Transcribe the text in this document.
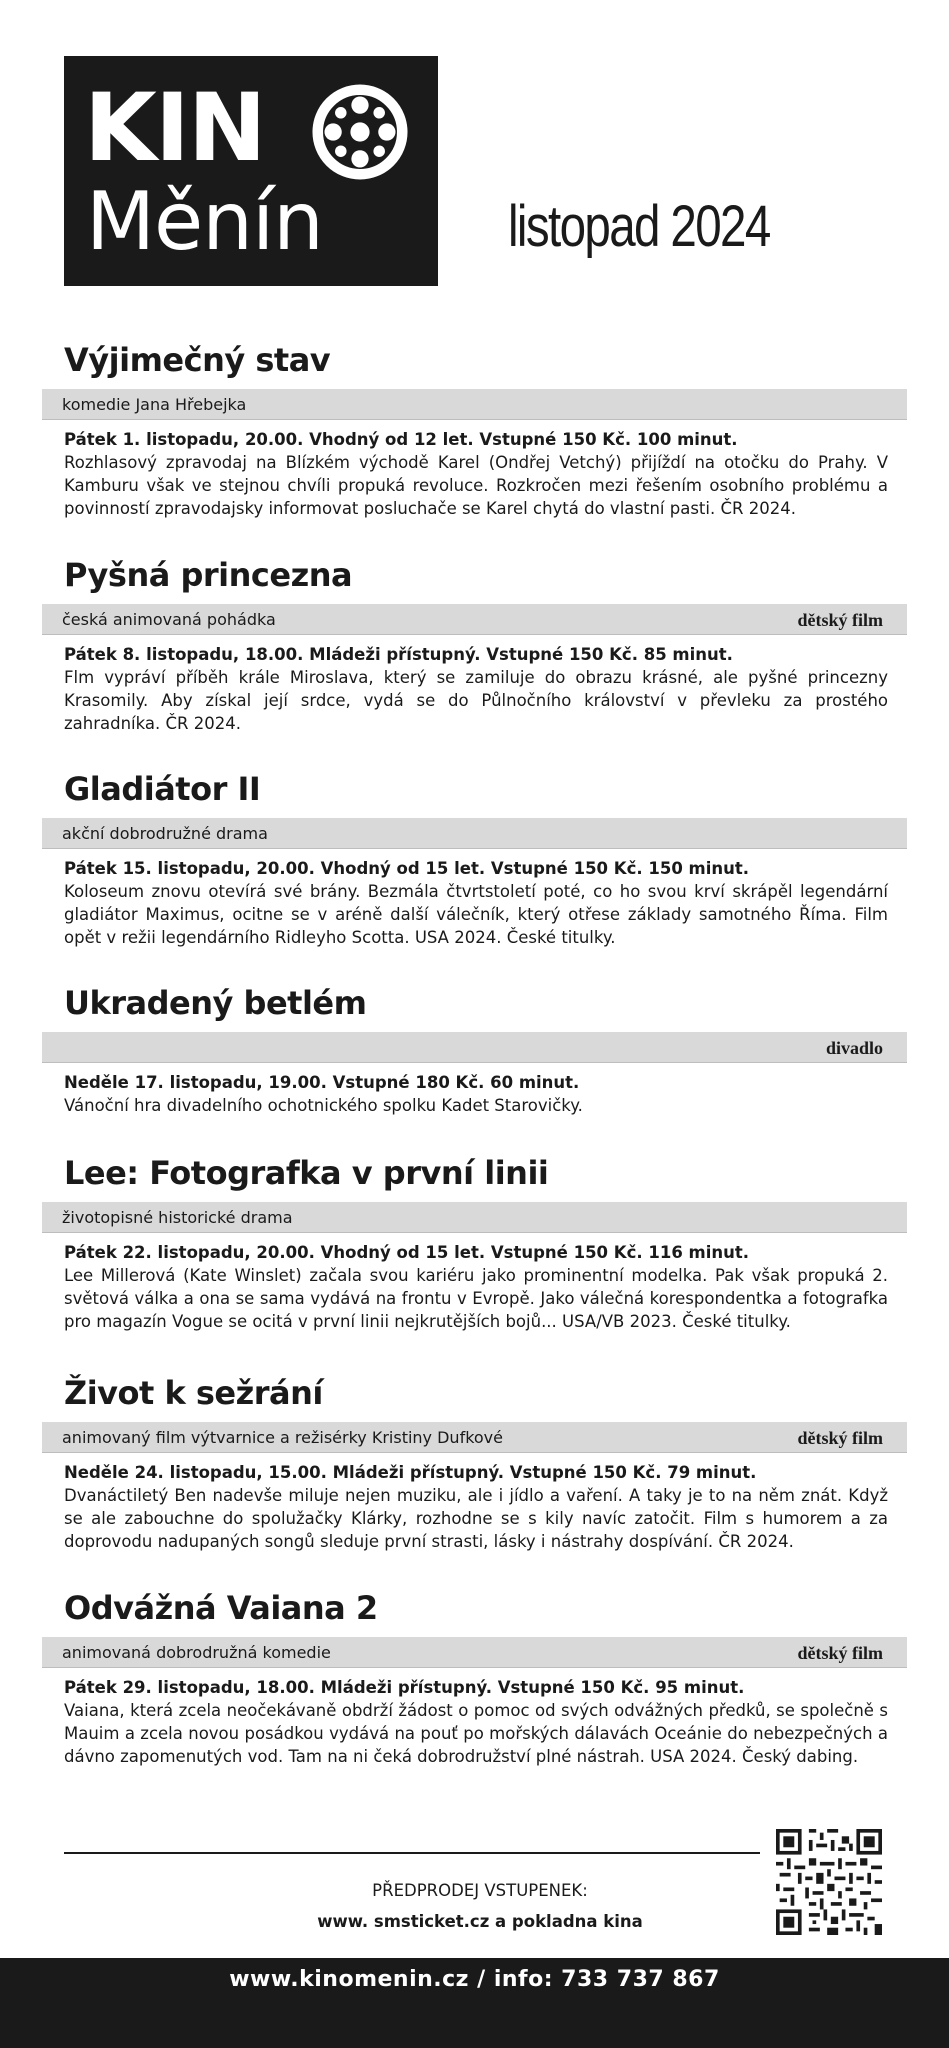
KIN
Měnín	listopad 2024
Výjimečný stav
komedie Jana Hřebejka
Pátek 1. listopadu, 20.00. Vhodný od 12 let. Vstupné 150 Kč. 100 minut.
Rozhlasový zpravodaj na Blízkém východě Karel (Ondřej Vetchý) přijíždí na otočku do Prahy. V Kamburu však ve stejnou chvíli propuká revoluce. Rozkročen mezi řešením osobního problému a povinností zpravodajsky informovat posluchače se Karel chytá do vlastní pasti. ČR 2024.
Pyšná princezna
česká animovaná pohádka	dětský film
Pátek 8. listopadu, 18.00. Mládeži přístupný. Vstupné 150 Kč. 85 minut.
Flm vypráví příběh krále Miroslava, který se zamiluje do obrazu krásné, ale pyšné princezny Krasomily. Aby získal její srdce, vydá se do Půlnočního království v převleku za prostého zahradníka. ČR 2024.
Gladiátor II
akční dobrodružné drama
Pátek 15. listopadu, 20.00. Vhodný od 15 let. Vstupné 150 Kč. 150 minut.
Koloseum znovu otevírá své brány. Bezmála čtvrtstoletí poté, co ho svou krví skrápěl legendární gladiátor Maximus, ocitne se v aréně další válečník, který otřese základy samotného Říma. Film opět v režii legendárního Ridleyho Scotta. USA 2024. České titulky.
Ukradený betlém
divadlo
Neděle 17. listopadu, 19.00. Vstupné 180 Kč. 60 minut.
Vánoční hra divadelního ochotnického spolku Kadet Starovičky.
Lee: Fotografka v první linii
životopisné historické drama
Pátek 22. listopadu, 20.00. Vhodný od 15 let. Vstupné 150 Kč. 116 minut.
Lee Millerová (Kate Winslet) začala svou kariéru jako prominentní modelka. Pak však propuká 2. světová válka a ona se sama vydává na frontu v Evropě. Jako válečná korespondentka a fotografka pro magazín Vogue se ocitá v první linii nejkrutějších bojů... USA/VB 2023. České titulky.
Život k sežrání
animovaný film výtvarnice a režisérky Kristiny Dufkové	dětský film
Neděle 24. listopadu, 15.00. Mládeži přístupný. Vstupné 150 Kč. 79 minut.
Dvanáctiletý Ben nadevše miluje nejen muziku, ale i jídlo a vaření. A taky je to na něm znát. Když se ale zabouchne do spolužačky Klárky, rozhodne se s kily navíc zatočit. Film s humorem a za doprovodu nadupaných songů sleduje první strasti, lásky i nástrahy dospívání. ČR 2024.
Odvážná Vaiana 2
animovaná dobrodružná komedie	dětský film
Pátek 29. listopadu, 18.00. Mládeži přístupný. Vstupné 150 Kč. 95 minut.
Vaiana, která zcela neočekávaně obdrží žádost o pomoc od svých odvážných předků, se společně s Mauim a zcela novou posádkou vydává na pouť po mořských dálavách Oceánie do nebezpečných a dávno zapomenutých vod. Tam na ni čeká dobrodružství plné nástrah. USA 2024. Český dabing.
PŘEDPRODEJ VSTUPENEK:
www. smsticket.cz a pokladna kina
www.kinomenin.cz / info: 733 737 867
